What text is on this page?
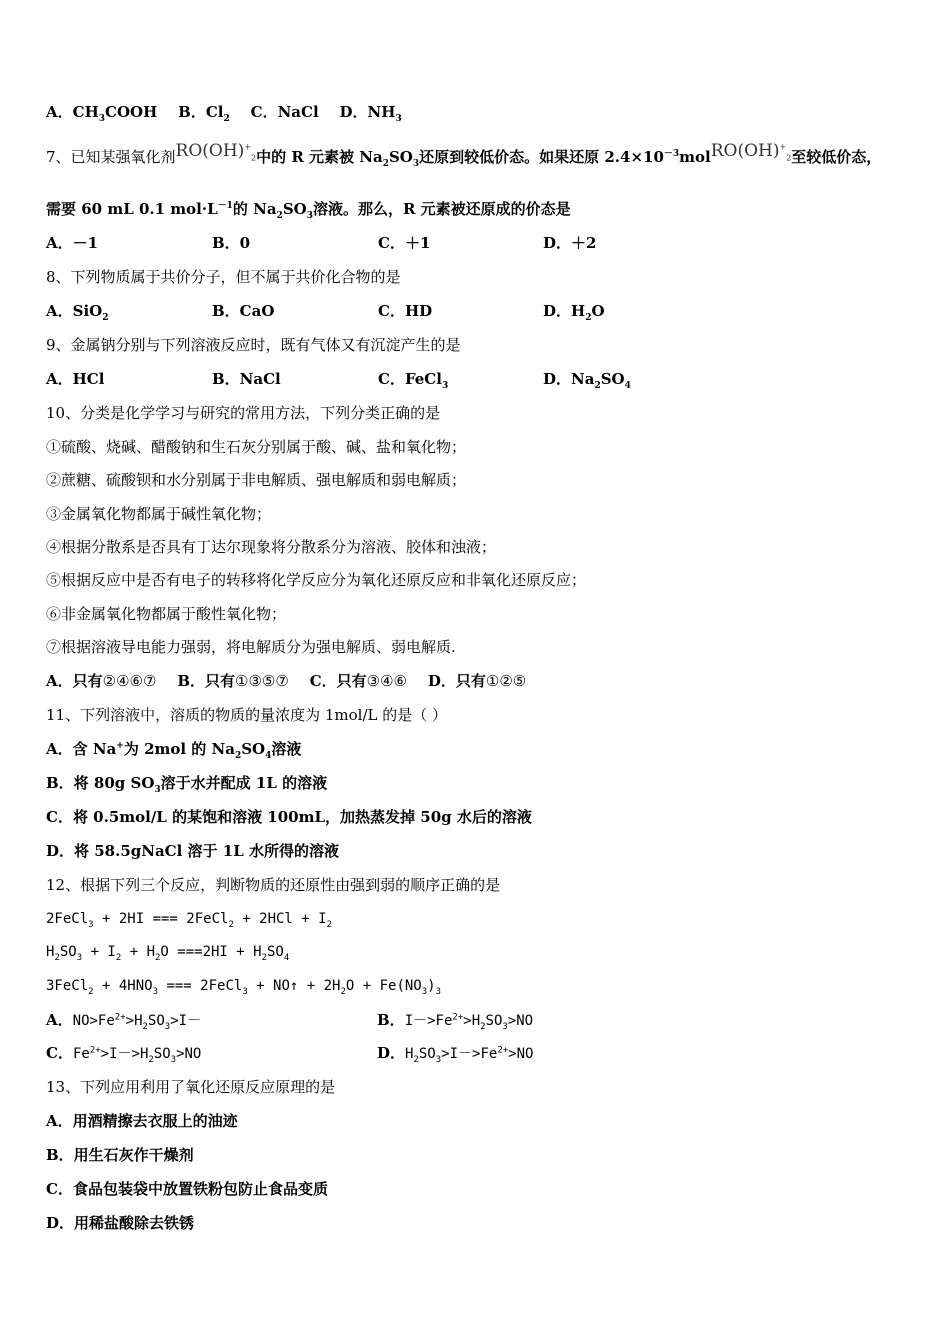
A．$CH_3COOH$ B．$Cl_2$ C．NaCl D．$NH_3$
7、已知某强氧化剂$RO(OH)^+_2$中的 R 元素被 $Na_2SO_3$还原到较低价态。如果还原 $2.4\times 10^{-3}molRO(OH)^+_2$至较低价态，
需要 60 mL 0.1 $mol\cdot L^{-1}$的 $Na_2SO_3$溶液。那么，R 元素被还原成的价态是
A．－1	B．0	C．＋1	D．＋2
8、下列物质属于共价分子，但不属于共价化合物的是
A．SiO$_2$	B．CaO	C．HD	D．$H_2O$
9、金属钠分别与下列溶液反应时，既有气体又有沉淀产生的是
A．HCl	B．NaCl	C．FeCl$_3$	D．$Na_2SO_4$
10、分类是化学学习与研究的常用方法，下列分类正确的是
①硫酸、烧碱、醋酸钠和生石灰分别属于酸、碱、盐和氧化物；
②蔗糖、硫酸钡和水分别属于非电解质、强电解质和弱电解质；
③金属氧化物都属于碱性氧化物；
④根据分散系是否具有丁达尔现象将分散系分为溶液、胶体和浊液；
⑤根据反应中是否有电子的转移将化学反应分为氧化还原反应和非氧化还原反应；
⑥非金属氧化物都属于酸性氧化物；
⑦根据溶液导电能力强弱，将电解质分为强电解质、弱电解质.
A．只有②④⑥⑦ B．只有①③⑤⑦ C．只有③④⑥ D．只有①②⑤
11、下列溶液中，溶质的物质的量浓度为 1mol/L 的是（ ）
A．含 Na+为 2mol 的 $Na_2SO_4$溶液
B．将 80g $SO_3$溶于水并配成 1L 的溶液
C．将 0.5mol/L 的某饱和溶液 100mL，加热蒸发掉 50g 水后的溶液
D．将 58.5gNaCl 溶于 1L 水所得的溶液
12、根据下列三个反应，判断物质的还原性由强到弱的顺序正确的是
2FeCl$_3$ + 2HI === 2FeCl$_2$ + $2HCl + I_2$
$H_2SO_3 + I_2 + H_2O ===2HI + H_2SO_4$
3FeCl$_2$ + $4HNO_3$ === 2FeCl$_3$ + NO↑ + $2H_2O + Fe(NO_3)_3$
A．$NO>Fe^{2+}>H_2SO_3>I-$	B．$I->Fe^{2+}>H_2SO_3>NO$
C．$Fe^{2+}>I->H_2SO_3>NO$	D．$H_2SO_3>I->Fe^{2+}>NO$
13、下列应用利用了氧化还原反应原理的是
A．用酒精擦去衣服上的油迹
B．用生石灰作干燥剂
C．食品包装袋中放置铁粉包防止食品变质
D．用稀盐酸除去铁锈
